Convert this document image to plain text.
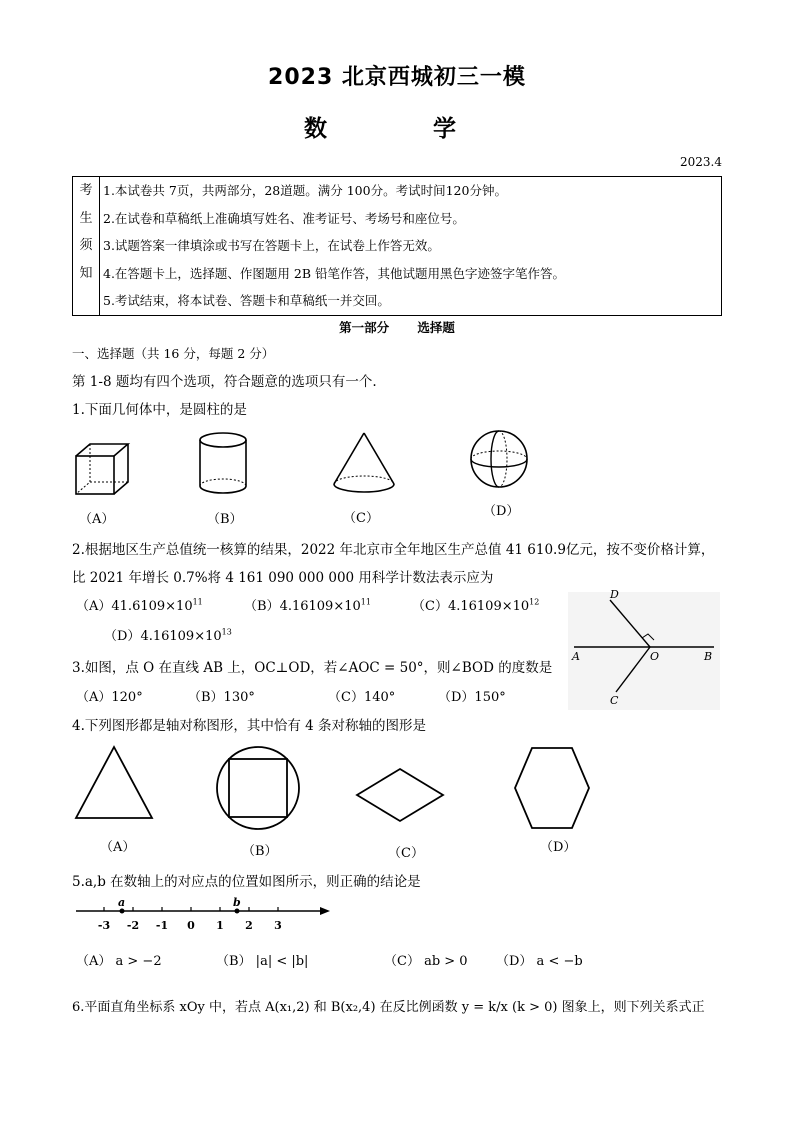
2023 北京西城初三一模
数 学
2023.4
考
生
须
知

1.本试卷共 7页，共两部分，28道题。满分 100分。考试时间120分钟。
2.在试卷和草稿纸上准确填写姓名、准考证号、考场号和座位号。
3.试题答案一律填涂或书写在答题卡上，在试卷上作答无效。
4.在答题卡上，选择题、作图题用 2B 铅笔作答，其他试题用黑色字迹签字笔作答。
5.考试结束，将本试卷、答题卡和草稿纸一并交回。
第一部分 选择题
一、选择题（共 16 分，每题 2 分）
第 1-8 题均有四个选项，符合题意的选项只有一个.
1.下面几何体中，是圆柱的是
（A）	（B）	（C）	（D）
2.根据地区生产总值统一核算的结果，2022 年北京市全年地区生产总值 41 610.9亿元，按不变价格计算，
比 2021 年增长 0.7%将 4 161 090 000 000 用科学计数法表示应为
$(A)41.6109\times 10^{11}$	$(B)4.16109\times 10^{11}$	$(C)4.16109\times 10^{12}$
$(D)4.16109\times 10^{13}$
D
A	O	B
C
3.如图，点 O 在直线 AB 上，OC⊥OD，若∠AOC = 50°，则∠BOD 的度数是
（A）120°	（B）130°	（C）140°	（D）150°
4.下列图形都是轴对称图形，其中恰有 4 条对称轴的图形是
（A）	（B）	（C）	（D）
5.a,b 在数轴上的对应点的位置如图所示，则正确的结论是
-3 -2 -1 0 1 2 3
a	b
（A） a > −2	（B） |a| < |b|	（C） ab > 0 （D） a < −b
6.平面直角坐标系 xOy 中，若点 A(x₁,2) 和 B(x₂,4) 在反比例函数 y = k/x (k > 0) 图象上，则下列关系式正
